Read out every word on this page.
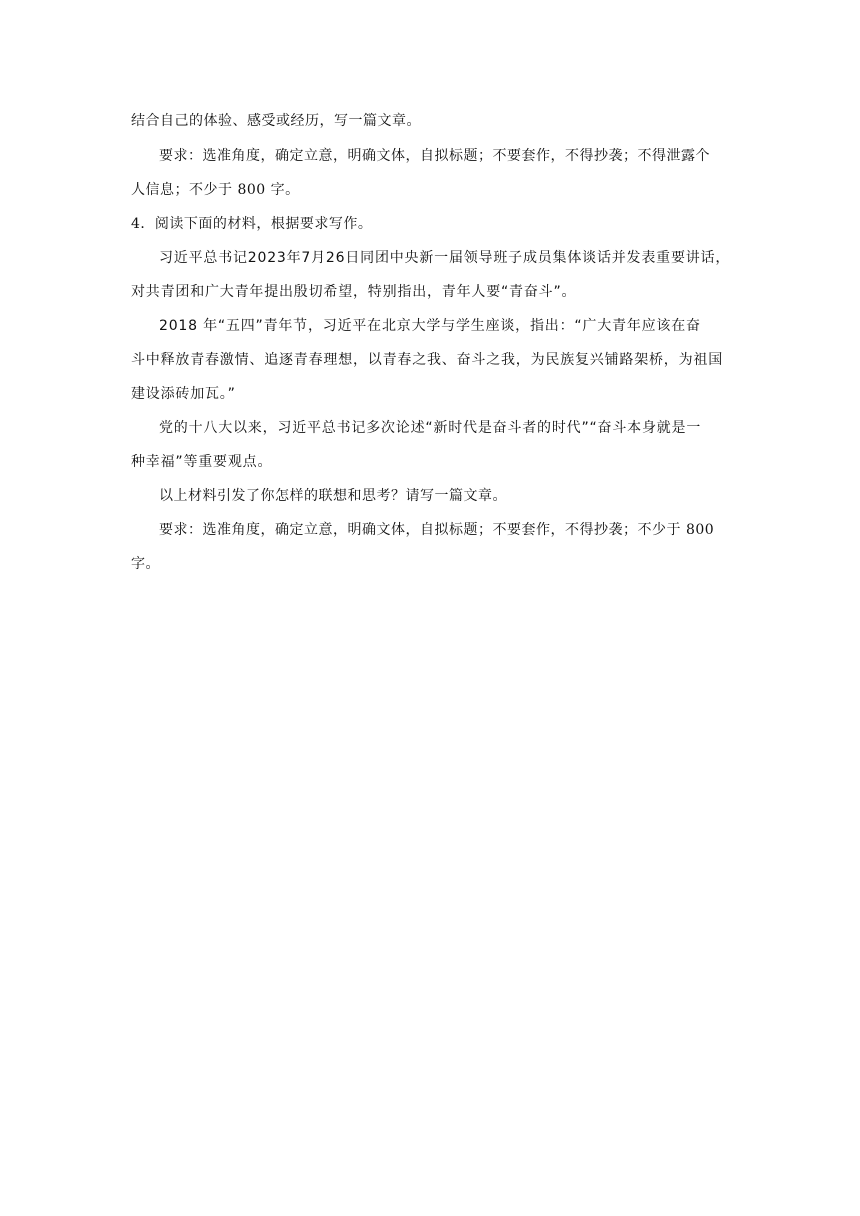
结合自己的体验、感受或经历，写一篇文章。
要求：选准角度，确定立意，明确文体，自拟标题；不要套作，不得抄袭；不得泄露个
人信息；不少于 800 字。
4．阅读下面的材料，根据要求写作。
习近平总书记2023年7月26日同团中央新一届领导班子成员集体谈话并发表重要讲话，
对共青团和广大青年提出殷切希望，特别指出，青年人要“青奋斗”。
2018 年“五四”青年节，习近平在北京大学与学生座谈，指出：“广大青年应该在奋
斗中释放青春激情、追逐青春理想，以青春之我、奋斗之我，为民族复兴铺路架桥，为祖国
建设添砖加瓦。”
党的十八大以来，习近平总书记多次论述“新时代是奋斗者的时代”“奋斗本身就是一
种幸福”等重要观点。
以上材料引发了你怎样的联想和思考？请写一篇文章。
要求：选准角度，确定立意，明确文体，自拟标题；不要套作，不得抄袭；不少于 800
字。
